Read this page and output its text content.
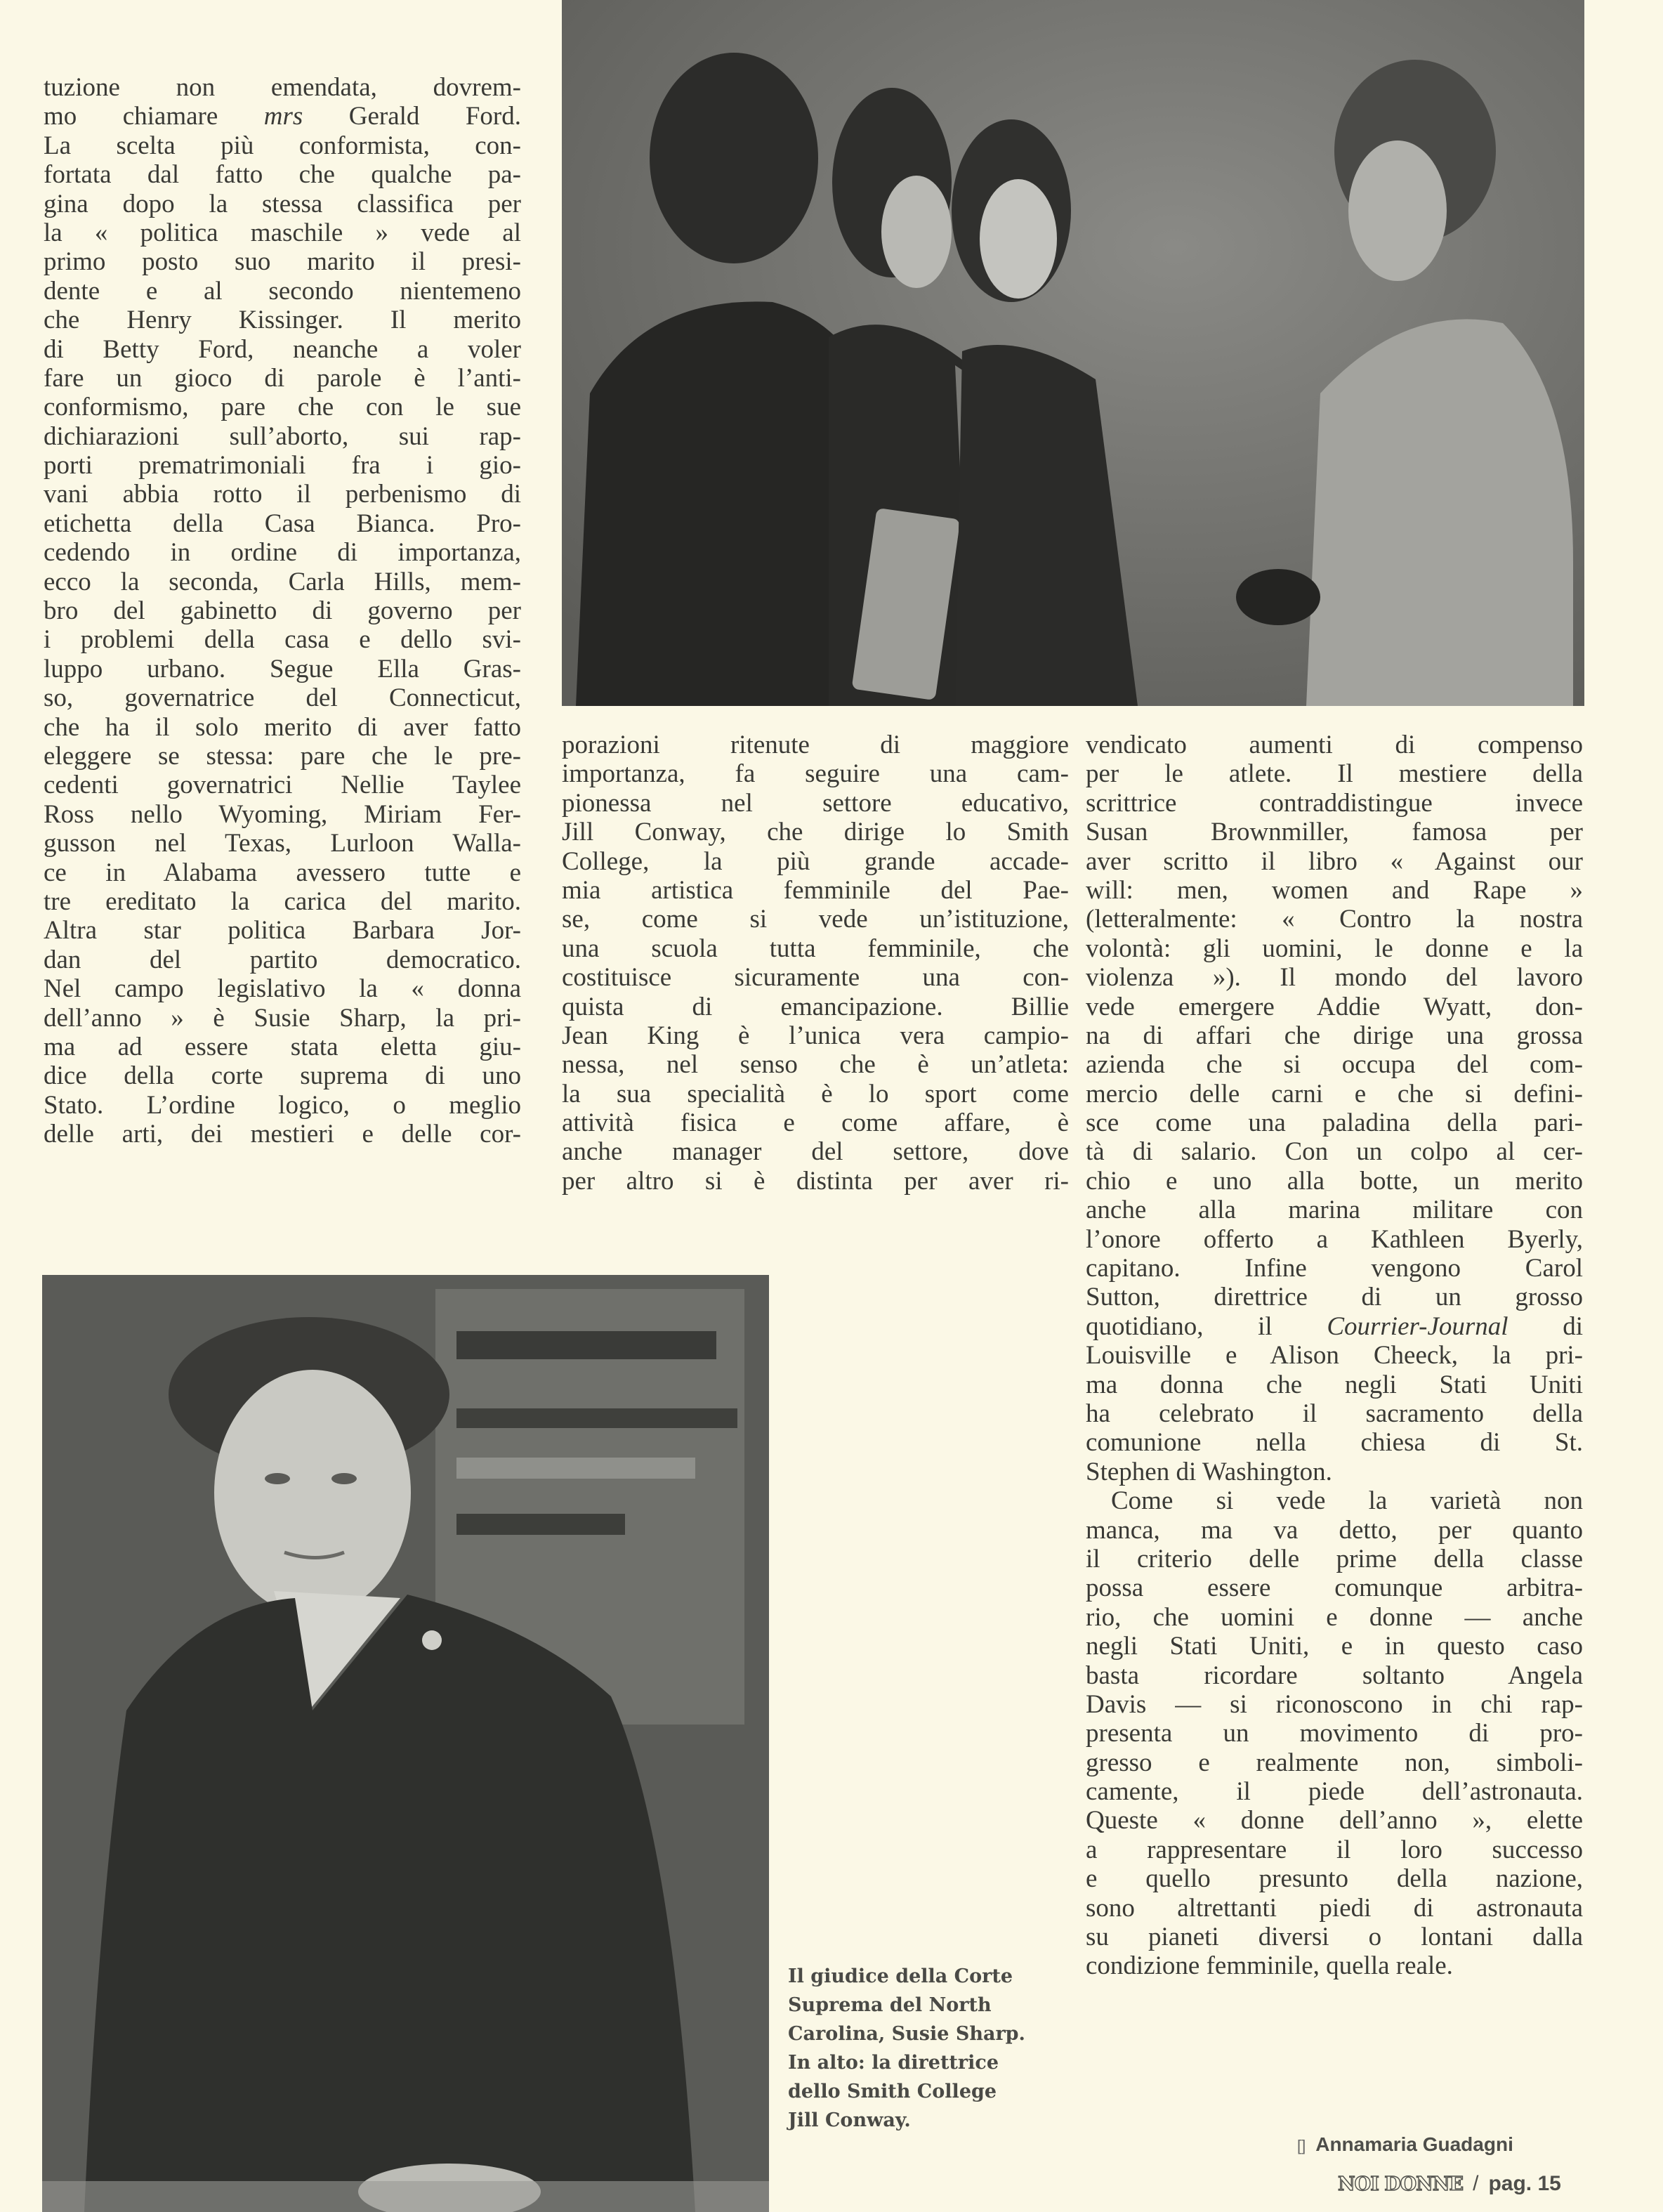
tuzione non emendata, dovrem-
mo chiamare mrs Gerald Ford.
La scelta più conformista, con-
fortata dal fatto che qualche pa-
gina dopo la stessa classifica per
la « politica maschile » vede al
primo posto suo marito il presi-
dente e al secondo nientemeno
che Henry Kissinger. Il merito
di Betty Ford, neanche a voler
fare un gioco di parole è l’anti-
conformismo, pare che con le sue
dichiarazioni sull’aborto, sui rap-
porti prematrimoniali fra i gio-
vani abbia rotto il perbenismo di
etichetta della Casa Bianca. Pro-
cedendo in ordine di importanza,
ecco la seconda, Carla Hills, mem-
bro del gabinetto di governo per
i problemi della casa e dello svi-
luppo urbano. Segue Ella Gras-
so, governatrice del Connecticut,
che ha il solo merito di aver fatto
eleggere se stessa: pare che le pre-
cedenti governatrici Nellie Taylee
Ross nello Wyoming, Miriam Fer-
gusson nel Texas, Lurloon Walla-
ce in Alabama avessero tutte e
tre ereditato la carica del marito.
Altra star politica Barbara Jor-
dan del partito democratico.
Nel campo legislativo la « donna
dell’anno » è Susie Sharp, la pri-
ma ad essere stata eletta giu-
dice della corte suprema di uno
Stato. L’ordine logico, o meglio
delle arti, dei mestieri e delle cor-
porazioni ritenute di maggiore
importanza, fa seguire una cam-
pionessa nel settore educativo,
Jill Conway, che dirige lo Smith
College, la più grande accade-
mia artistica femminile del Pae-
se, come si vede un’istituzione,
una scuola tutta femminile, che
costituisce sicuramente una con-
quista di emancipazione. Billie
Jean King è l’unica vera campio-
nessa, nel senso che è un’atleta:
la sua specialità è lo sport come
attività fisica e come affare, è
anche manager del settore, dove
per altro si è distinta per aver ri-
vendicato aumenti di compenso
per le atlete. Il mestiere della
scrittrice contraddistingue invece
Susan Brownmiller, famosa per
aver scritto il libro « Against our
will: men, women and Rape »
(letteralmente: « Contro la nostra
volontà: gli uomini, le donne e la
violenza »). Il mondo del lavoro
vede emergere Addie Wyatt, don-
na di affari che dirige una grossa
azienda che si occupa del com-
mercio delle carni e che si defini-
sce come una paladina della pari-
tà di salario. Con un colpo al cer-
chio e uno alla botte, un merito
anche alla marina militare con
l’onore offerto a Kathleen Byerly,
capitano. Infine vengono Carol
Sutton, direttrice di un grosso
quotidiano, il Courrier-Journal di
Louisville e Alison Cheeck, la pri-
ma donna che negli Stati Uniti
ha celebrato il sacramento della
comunione nella chiesa di St.
Stephen di Washington.
Come si vede la varietà non
manca, ma va detto, per quanto
il criterio delle prime della classe
possa essere comunque arbitra-
rio, che uomini e donne — anche
negli Stati Uniti, e in questo caso
basta ricordare soltanto Angela
Davis — si riconoscono in chi rap-
presenta un movimento di pro-
gresso e realmente non, simboli-
camente, il piede dell’astronauta.
Queste « donne dell’anno », elette
a rappresentare il loro successo
e quello presunto della nazione,
sono altrettanti piedi di astronauta
su pianeti diversi o lontani dalla
condizione femminile, quella reale.
Il giudice della Corte
Suprema del North
Carolina, Susie Sharp.
In alto: la direttrice
dello Smith College
Jill Conway.
[] Annamaria Guadagni
NOI DONNE / pag. 15
